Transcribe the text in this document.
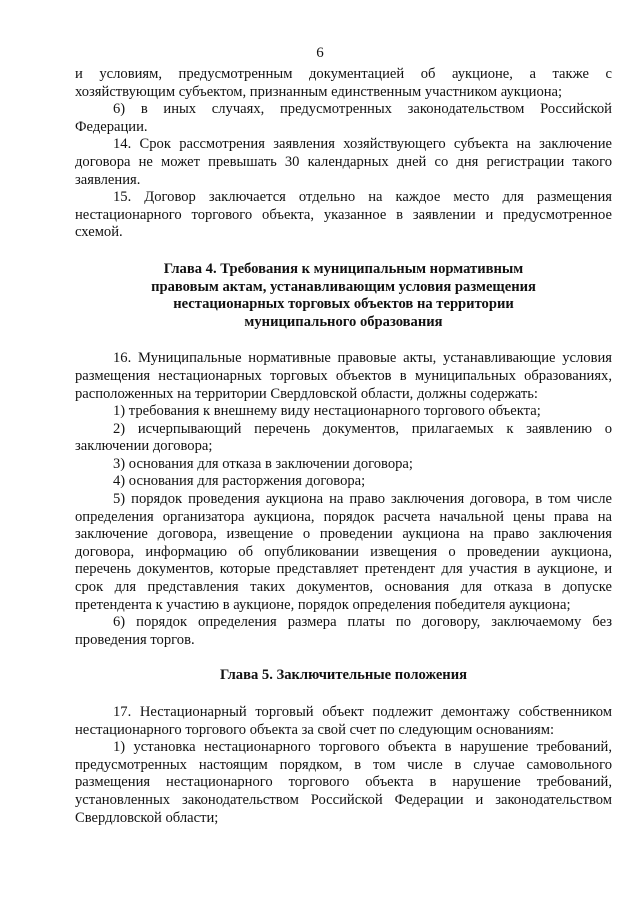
6

и условиям, предусмотренным документацией об аукционе, а также с хозяйствующим субъектом, признанным единственным участником аукциона;

6) в иных случаях, предусмотренных законодательством Российской Федерации.

14. Срок рассмотрения заявления хозяйствующего субъекта на заключение договора не может превышать 30 календарных дней со дня регистрации такого заявления.

15. Договор заключается отдельно на каждое место для размещения нестационарного торгового объекта, указанное в заявлении и предусмотренное схемой.

Глава 4. Требования к муниципальным нормативным
правовым актам, устанавливающим условия размещения
нестационарных торговых объектов на территории
муниципального образования

16. Муниципальные нормативные правовые акты, устанавливающие условия размещения нестационарных торговых объектов в муниципальных образованиях, расположенных на территории Свердловской области, должны содержать:

1) требования к внешнему виду нестационарного торгового объекта;

2) исчерпывающий перечень документов, прилагаемых к заявлению о заключении договора;

3) основания для отказа в заключении договора;

4) основания для расторжения договора;

5) порядок проведения аукциона на право заключения договора, в том числе определения организатора аукциона, порядок расчета начальной цены права на заключение договора, извещение о проведении аукциона на право заключения договора, информацию об опубликовании извещения о проведении аукциона, перечень документов, которые представляет претендент для участия в аукционе, и срок для представления таких документов, основания для отказа в допуске претендента к участию в аукционе, порядок определения победителя аукциона;

6) порядок определения размера платы по договору, заключаемому без проведения торгов.

Глава 5. Заключительные положения

17. Нестационарный торговый объект подлежит демонтажу собственником нестационарного торгового объекта за свой счет по следующим основаниям:

1) установка нестационарного торгового объекта в нарушение требований, предусмотренных настоящим порядком, в том числе в случае самовольного размещения нестационарного торгового объекта в нарушение требований, установленных законодательством Российской Федерации и законодательством Свердловской области;
